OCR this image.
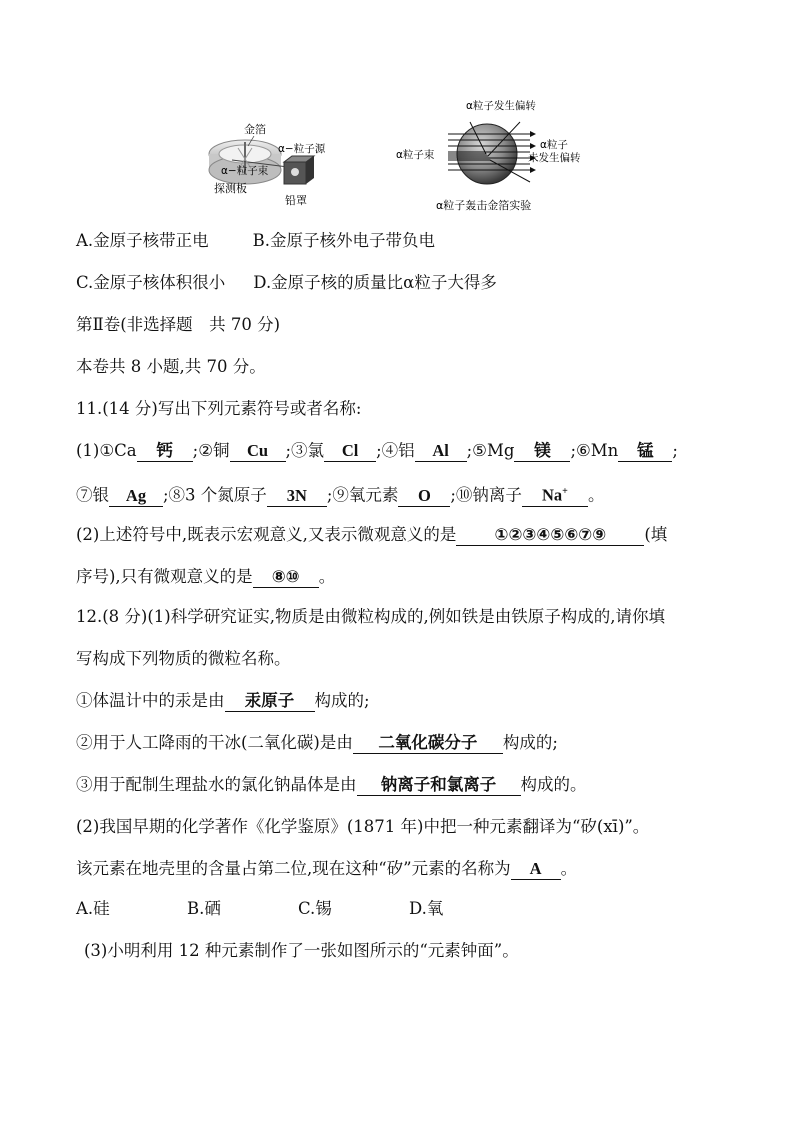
金箔
α−粒子源
α−粒子束
探测板
铅罩
α粒子发生偏转
α粒子束
α粒子
未发生偏转
α粒子轰击金箔实验
A.金原子核带正电	B.金原子核外电子带负电
C.金原子核体积很小 D.金原子核的质量比α粒子大得多
第Ⅱ卷(非选择题　共 70 分)
本卷共 8 小题,共 70 分。
11.(14 分)写出下列元素符号或者名称:
(1)①Ca 钙 ;②铜 Cu ;③氯 Cl ;④铝 Al ;⑤Mg 镁 ;⑥Mn 锰 ;
⑦银 Ag ;⑧3 个氮原子 3N ;⑨氧元素 O ;⑩钠离子 Na+ 。
(2)上述符号中,既表示宏观意义,又表示微观意义的是 ①②③④⑤⑥⑦⑨ (填
序号),只有微观意义的是 ⑧⑩ 。
12.(8 分)(1)科学研究证实,物质是由微粒构成的,例如铁是由铁原子构成的,请你填
写构成下列物质的微粒名称。
①体温计中的汞是由 汞原子 构成的;
②用于人工降雨的干冰(二氧化碳)是由 二氧化碳分子 构成的;
③用于配制生理盐水的氯化钠晶体是由 钠离子和氯离子 构成的。
(2)我国早期的化学著作《化学鉴原》(1871 年)中把一种元素翻译为“矽(xī)”。
该元素在地壳里的含量占第二位,现在这种“矽”元素的名称为 A 。
A.硅	B.硒	C.锡	D.氧
(3)小明利用 12 种元素制作了一张如图所示的“元素钟面”。
